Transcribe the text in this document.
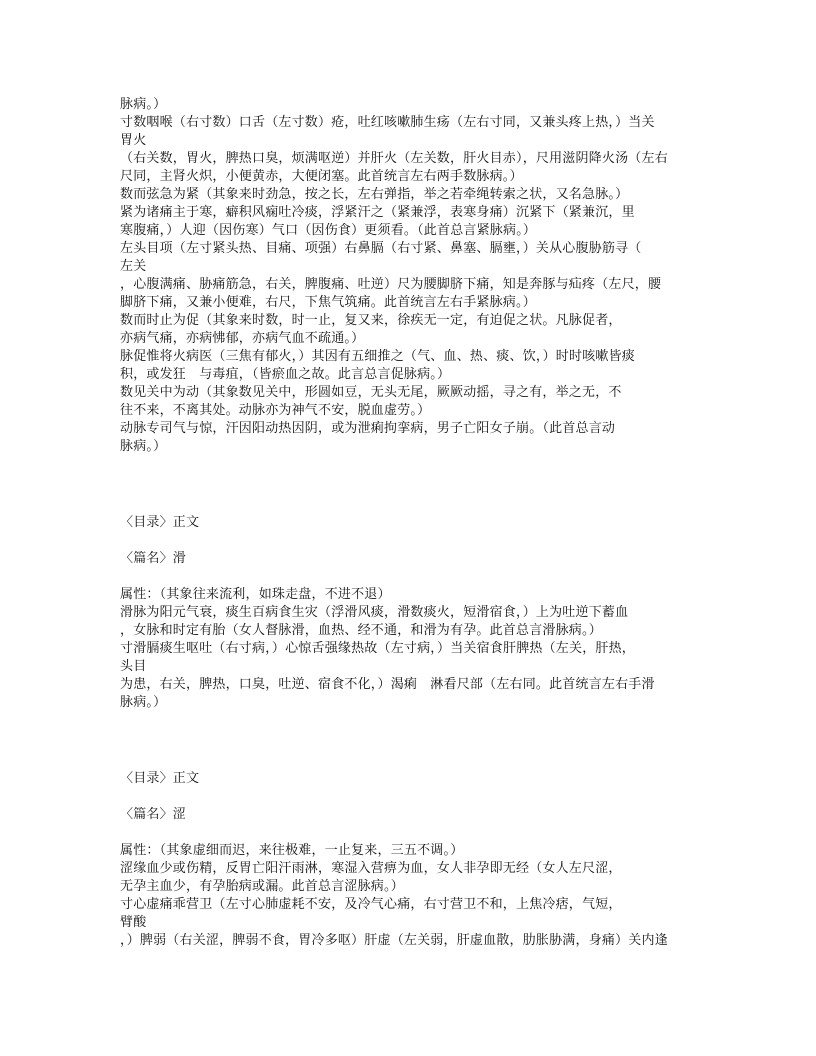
脉病。）
寸数咽喉（右寸数）口舌（左寸数）疮，吐红咳嗽肺生疡（左右寸同，又兼头疼上热，）当关
胃火
（右关数，胃火，脾热口臭，烦满呕逆）并肝火（左关数，肝火目赤），尺用滋阴降火汤（左右
尺同，主肾火炽，小便黄赤，大便闭塞。此首统言左右两手数脉病。）
数而弦急为紧（其象来时劲急，按之长，左右弹指，举之若牵绳转索之状，又名急脉。）
紧为诸痛主于寒，癖积风痫吐冷痰，浮紧汗之（紧兼浮，表寒身痛）沉紧下（紧兼沉，里
寒腹痛，）人迎（因伤寒）气口（因伤食）更须看。（此首总言紧脉病。）
左头目项（左寸紧头热、目痛、项强）右鼻膈（右寸紧、鼻塞、膈壅，）关从心腹胁筋寻（
左关
，心腹满痛、胁痛筋急，右关，脾腹痛、吐逆）尺为腰脚脐下痛，知是奔豚与疝疼（左尺，腰
脚脐下痛，又兼小便难，右尺，下焦气筑痛。此首统言左右手紧脉病。）
数而时止为促（其象来时数，时一止，复又来，徐疾无一定，有迫促之状。凡脉促者，
亦病气痛，亦病怫郁，亦病气血不疏通。）
脉促惟将火病医（三焦有郁火，）其因有五细推之（气、血、热、痰、饮，）时时咳嗽皆痰
积，或发狂　与毒疽，（皆瘀血之故。此言总言促脉病。）
数见关中为动（其象数见关中，形圆如豆，无头无尾，厥厥动摇，寻之有，举之无，不
往不来，不离其处。动脉亦为神气不安，脱血虚劳。）
动脉专司气与惊，汗因阳动热因阴，或为泄痢拘挛病，男子亡阳女子崩。（此首总言动
脉病。）
〈目录〉正文
〈篇名〉滑
属性：（其象往来流利，如珠走盘，不进不退）
滑脉为阳元气衰，痰生百病食生灾（浮滑风痰，滑数痰火，短滑宿食，）上为吐逆下蓄血
，女脉和时定有胎（女人督脉滑，血热、经不通，和滑为有孕。此首总言滑脉病。）
寸滑膈痰生呕吐（右寸病，）心惊舌强缘热故（左寸病，）当关宿食肝脾热（左关，肝热，
头目
为患，右关，脾热，口臭，吐逆、宿食不化，）渴痢　淋看尺部（左右同。此首统言左右手滑
脉病。）
〈目录〉正文
〈篇名〉涩
属性：（其象虚细而迟，来往极难，一止复来，三五不调。）
涩缘血少或伤精，反胃亡阳汗雨淋，寒湿入营痹为血，女人非孕即无经（女人左尺涩，
无孕主血少，有孕胎病或漏。此首总言涩脉病。）
寸心虚痛乖营卫（左寸心肺虚耗不安，及冷气心痛，右寸营卫不和，上焦冷痞，气短，
臂酸
，）脾弱（右关涩，脾弱不食，胃冷多呕）肝虚（左关弱，肝虚血散，肋胀胁满，身痛）关内逢
